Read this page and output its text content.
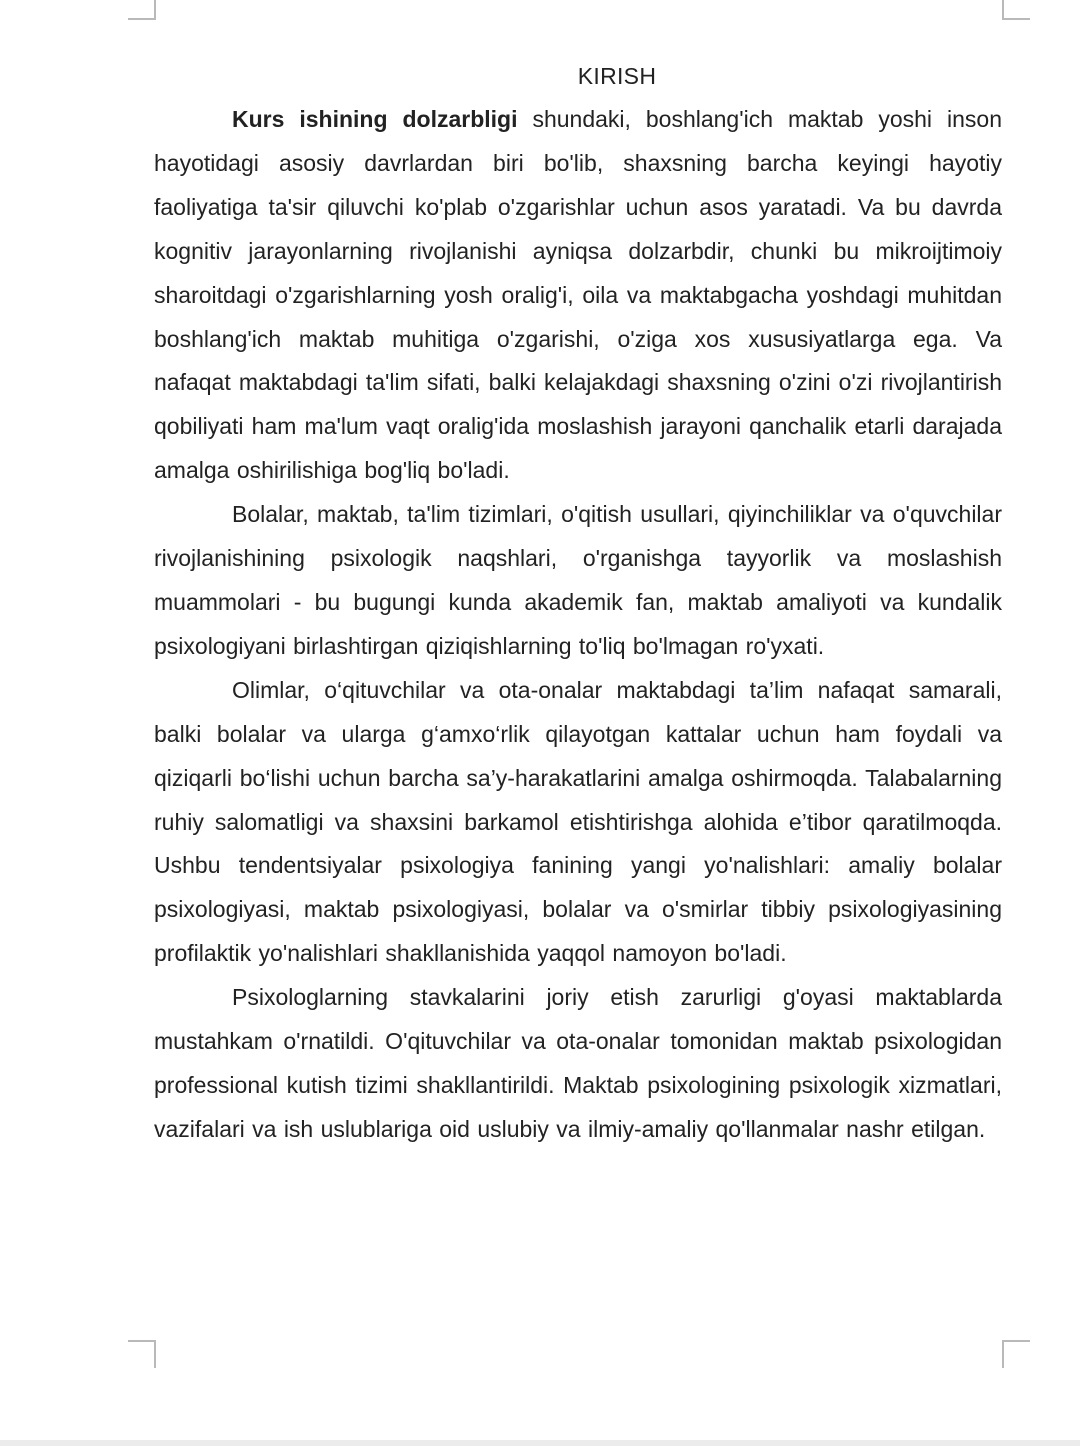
KIRISH

Kurs ishining dolzarbligi shundaki, boshlang'ich maktab yoshi inson hayotidagi asosiy davrlardan biri bo'lib, shaxsning barcha keyingi hayotiy faoliyatiga ta'sir qiluvchi ko'plab o'zgarishlar uchun asos yaratadi. Va bu davrda kognitiv jarayonlarning rivojlanishi ayniqsa dolzarbdir, chunki bu mikroijtimoiy sharoitdagi o'zgarishlarning yosh oralig'i, oila va maktabgacha yoshdagi muhitdan boshlang'ich maktab muhitiga o'zgarishi, o'ziga xos xususiyatlarga ega. Va nafaqat maktabdagi ta'lim sifati, balki kelajakdagi shaxsning o'zini o'zi rivojlantirish qobiliyati ham ma'lum vaqt oralig'ida moslashish jarayoni qanchalik etarli darajada amalga oshirilishiga bog'liq bo'ladi.

Bolalar, maktab, ta'lim tizimlari, o'qitish usullari, qiyinchiliklar va o'quvchilar rivojlanishining psixologik naqshlari, o'rganishga tayyorlik va moslashish muammolari - bu bugungi kunda akademik fan, maktab amaliyoti va kundalik psixologiyani birlashtirgan qiziqishlarning to'liq bo'lmagan ro'yxati.

Olimlar, o‘qituvchilar va ota-onalar maktabdagi ta’lim nafaqat samarali, balki bolalar va ularga g‘amxo‘rlik qilayotgan kattalar uchun ham foydali va qiziqarli bo‘lishi uchun barcha sa’y-harakatlarini amalga oshirmoqda. Talabalarning ruhiy salomatligi va shaxsini barkamol etishtirishga alohida e’tibor qaratilmoqda. Ushbu tendentsiyalar psixologiya fanining yangi yo'nalishlari: amaliy bolalar psixologiyasi, maktab psixologiyasi, bolalar va o'smirlar tibbiy psixologiyasining profilaktik yo'nalishlari shakllanishida yaqqol namoyon bo'ladi.

Psixologlarning stavkalarini joriy etish zarurligi g'oyasi maktablarda mustahkam o'rnatildi. O'qituvchilar va ota-onalar tomonidan maktab psixologidan professional kutish tizimi shakllantirildi. Maktab psixologining psixologik xizmatlari, vazifalari va ish uslublariga oid uslubiy va ilmiy-amaliy qo'llanmalar nashr etilgan.
